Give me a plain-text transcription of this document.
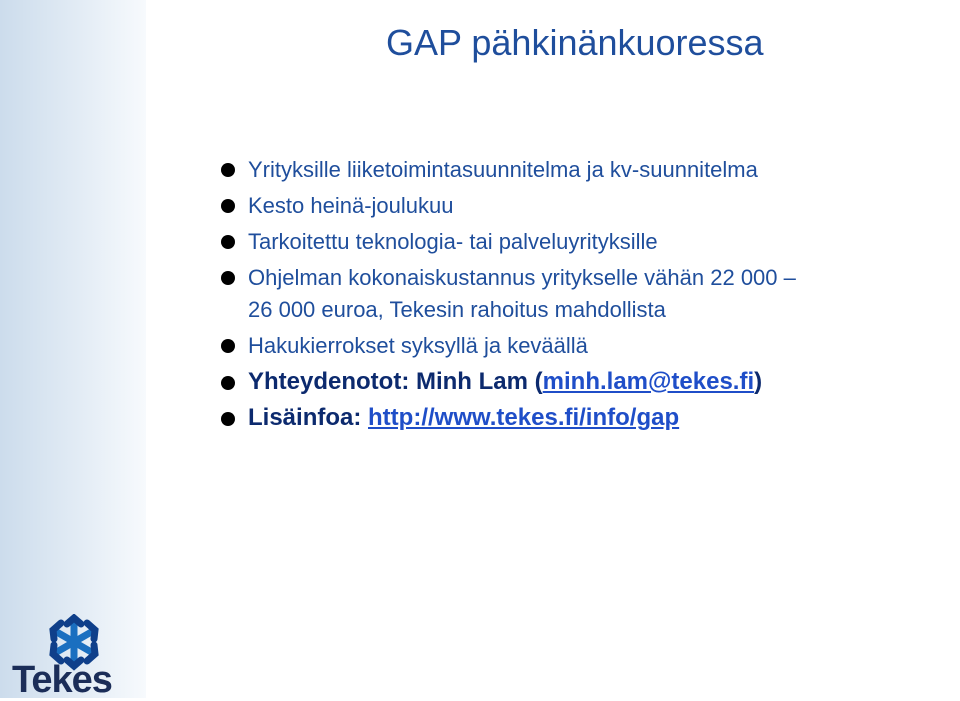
GAP pähkinänkuoressa
Yrityksille liiketoimintasuunnitelma ja kv-suunnitelma
Kesto heinä-joulukuu
Tarkoitettu teknologia- tai palveluyrityksille
Ohjelman kokonaiskustannus yritykselle vähän 22 000 –
26 000 euroa, Tekesin rahoitus mahdollista
Hakukierrokset syksyllä ja keväällä
Yhteydenotot: Minh Lam (minh.lam@tekes.fi)
Lisäinfoa: http://www.tekes.fi/info/gap
Tekes
